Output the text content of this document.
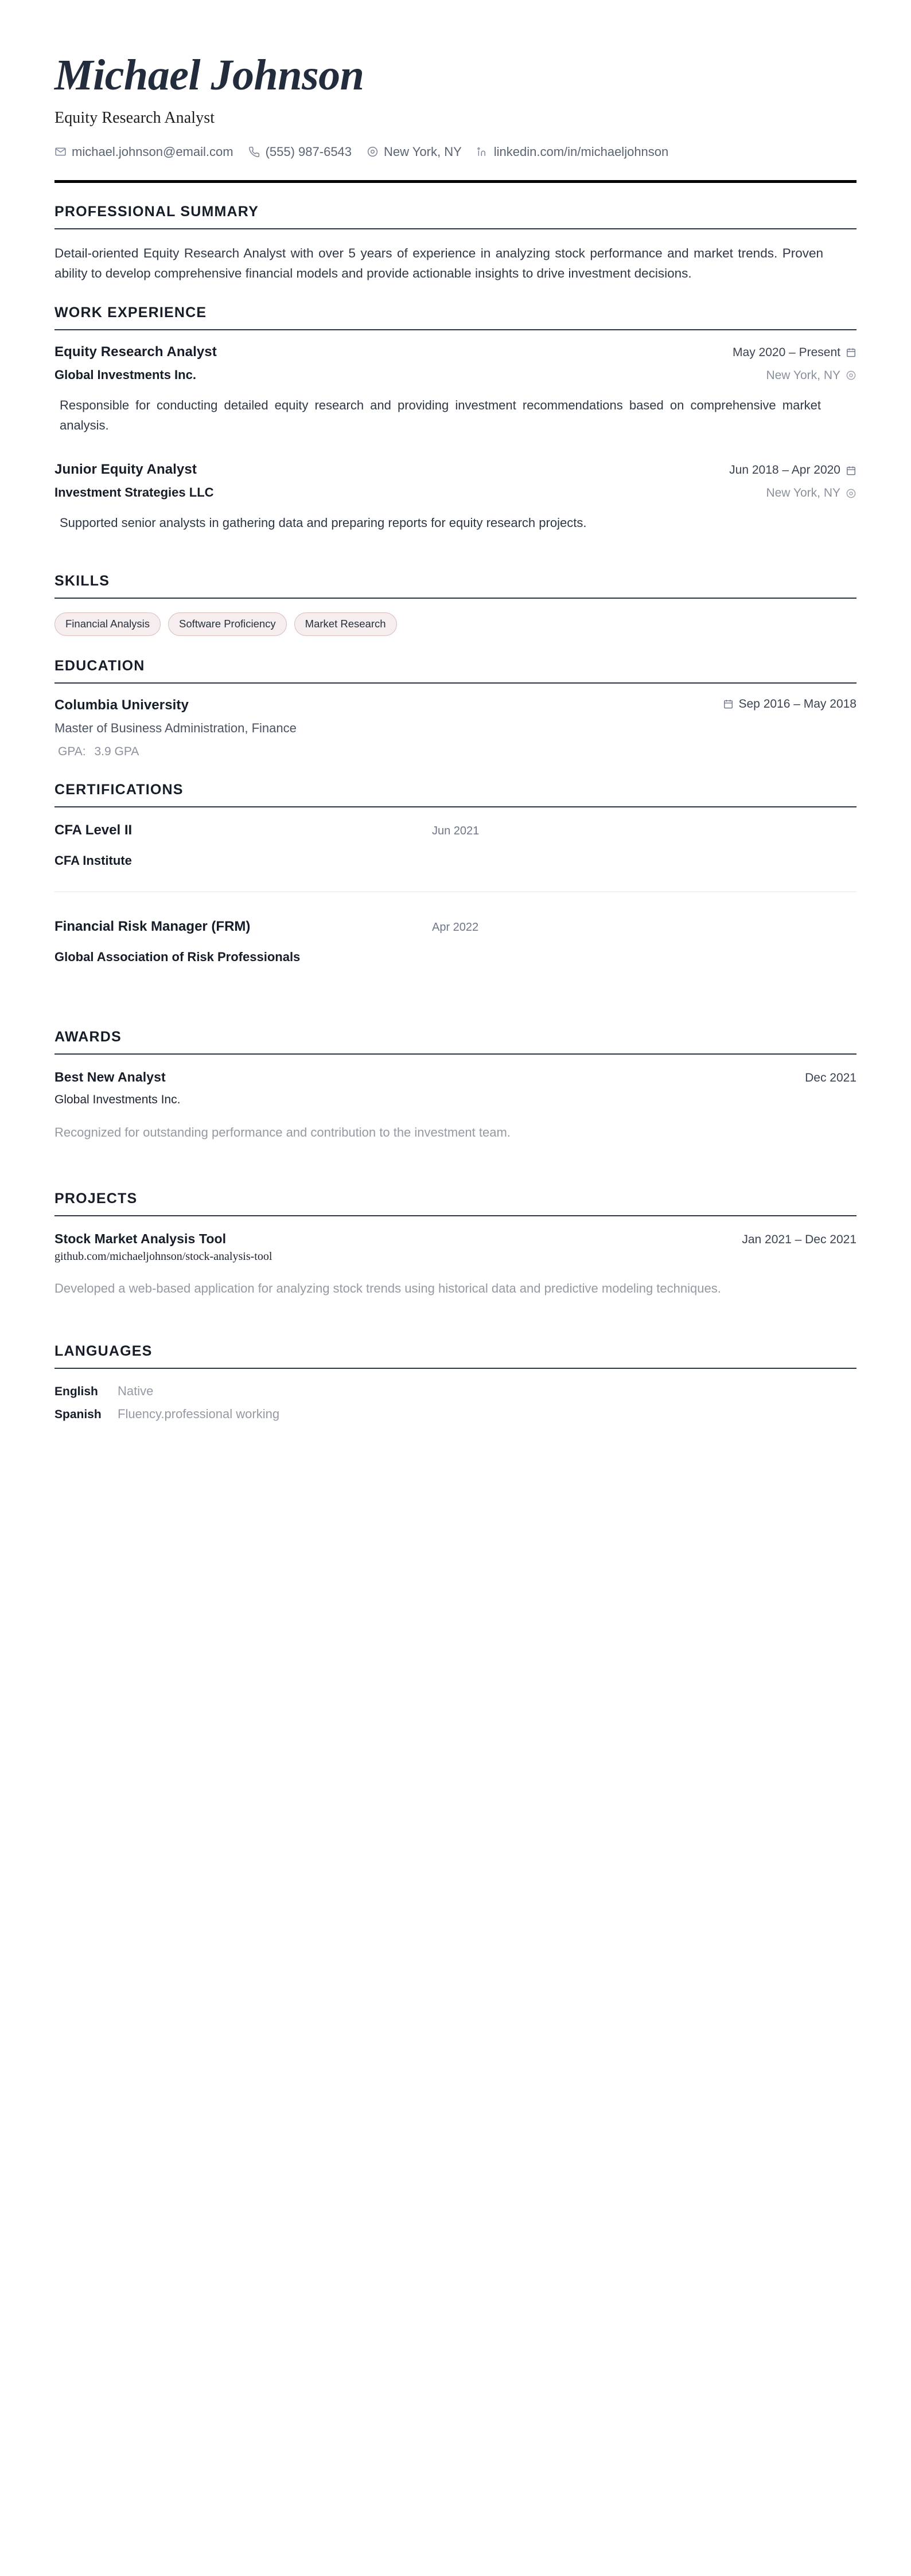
Michael Johnson
Equity Research Analyst
michael.johnson@email.com	(555) 987-6543	New York, NY	linkedin.com/in/michaeljohnson
PROFESSIONAL SUMMARY
Detail-oriented Equity Research Analyst with over 5 years of experience in analyzing stock performance and market trends. Proven ability to develop comprehensive financial models and provide actionable insights to drive investment decisions.
WORK EXPERIENCE
Equity Research Analyst	May 2020 – Present
Global Investments Inc.	New York, NY
Responsible for conducting detailed equity research and providing investment recommendations based on comprehensive market analysis.
Junior Equity Analyst	Jun 2018 – Apr 2020
Investment Strategies LLC	New York, NY
Supported senior analysts in gathering data and preparing reports for equity research projects.
SKILLS
Financial Analysis	Software Proficiency	Market Research
EDUCATION
Columbia University	Sep 2016 – May 2018
Master of Business Administration, Finance
GPA: 3.9 GPA
CERTIFICATIONS
CFA Level II	Jun 2021
CFA Institute
Financial Risk Manager (FRM)	Apr 2022
Global Association of Risk Professionals
AWARDS
Best New Analyst	Dec 2021
Global Investments Inc.
Recognized for outstanding performance and contribution to the investment team.
PROJECTS
Stock Market Analysis Tool	Jan 2021 – Dec 2021
github.com/michaeljohnson/stock-analysis-tool
Developed a web-based application for analyzing stock trends using historical data and predictive modeling techniques.
LANGUAGES
English	Native
Spanish	Fluency.professional working
